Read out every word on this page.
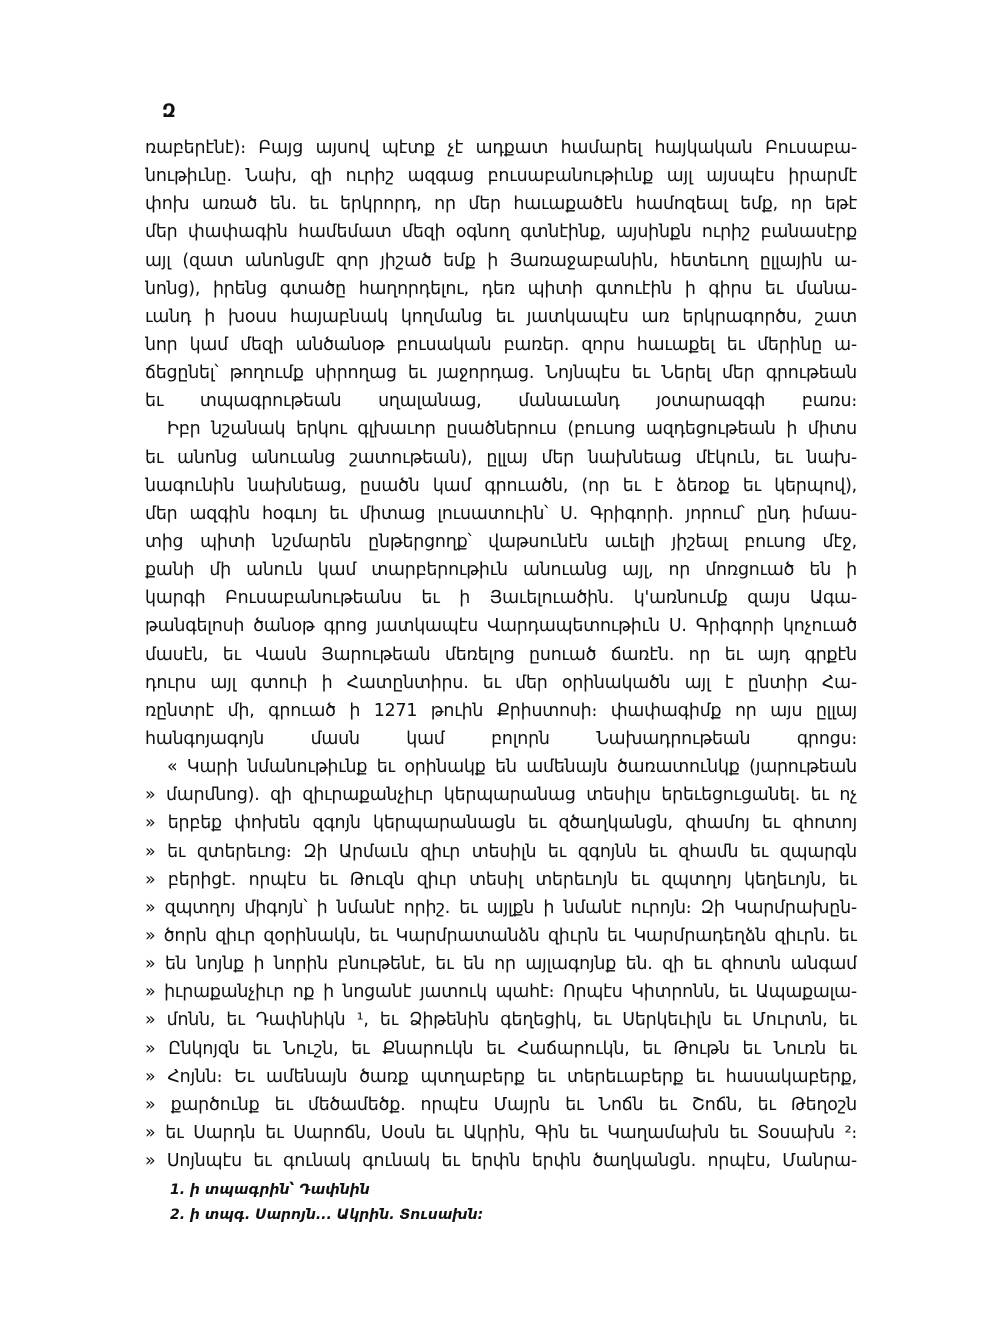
Զ
ռաբերէնէ)։ Բայց այսով պէտք չէ ադքատ համարել հայկական Բուսաբա-
նութիւնը. Նախ, զի ուրիշ ազգաց բուսաբանութիւնք այլ այսպէս իրարմէ
փոխ առած են. եւ երկրորդ, որ մեր հաւաքածէն համոզեալ եմք, որ եթէ
մեր փափագին համեմատ մեզի օգնող գտնէինք, այսինքն ուրիշ բանասէրք
այլ (զատ անոնցմէ զոր յիշած եմք ի Յառաջաբանին, հետեւող ըլլային ա-
նոնց), իրենց գտածը հաղորդելու, դեռ պիտի գտուէին ի գիրս եւ մանա-
ւանդ ի խօսս հայաբնակ կողմանց եւ յատկապէս առ երկրագործս, շատ
նոր կամ մեզի անծանօթ բուսական բառեր. զորս հաւաքել եւ մերինը ա-
ճեցընել՝ թողումք սիրողաց եւ յաջորդաց. Նոյնպէս եւ Ներել մեր գրութեան
եւ տպագրութեան սղալանաց, մանաւանդ յօտարազգի բառս։
Իբր նշանակ երկու գլխաւոր ըսածներուս (բուսոց ազդեցութեան ի միտս
եւ անոնց անուանց շատութեան), ըլլայ մեր նախնեաց մէկուն, եւ նախ-
նագունին նախնեաց, ըսածն կամ գրուածն, (որ եւ է ձեռօք եւ կերպով),
մեր ազգին հօգւոյ եւ միտաց լուսատուին՝ Ս. Գրիգորի. յորում՝ ընդ իմաս-
տից պիտի նշմարեն ընթերցողք՝ վաթսունէն աւելի յիշեալ բուսոց մէջ,
քանի մի անուն կամ տարբերութիւն անուանց այլ, որ մոռցուած են ի
կարգի Բուսաբանութեանս եւ ի Յաւելուածին. կ'առնումք զայս Ագա-
թանգելոսի ծանօթ գրոց յատկապէս Վարդապետութիւն Ս. Գրիգորի կոչուած
մասէն, եւ Վասն Յարութեան մեռելոց ըսուած ճառէն. որ եւ այդ գրքէն
դուրս այլ գտուի ի Հատընտիրս. եւ մեր օրինակածն այլ է ընտիր Հա-
ռընտրէ մի, գրուած ի 1271 թուին Քրիստոսի։ փափագիմք որ այս ըլլայ
հանգոյագոյն մասն կամ բոլորն Նախադրութեան գրոցս։
« Կարի նմանութիւնք եւ օրինակք են ամենայն ծառատունկք (յարութեան
» մարմնոց). զի զիւրաքանչիւր կերպարանաց տեսիլս երեւեցուցանել. եւ ոչ
» երբեք փոխեն զգոյն կերպարանացն եւ զծաղկանցն, զհամոյ եւ զհոտոյ
» եւ զտերեւոց։ Զի Արմաւն զիւր տեսիլն եւ զգոյնն եւ զհամն եւ զպարգն
» բերիցէ. որպէս եւ Թուզն զիւր տեսիլ տերեւոյն եւ զպտղոյ կեղեւոյն, եւ
» զպտղոյ միգոյն՝ ի նմանէ որիշ. եւ այլքն ի նմանէ ուրոյն։ Զի Կարմրախըն-
» ծորն զիւր զօրինակն, եւ Կարմրատանձն զիւրն եւ Կարմրադեղձն զիւրն. եւ
» են նոյնք ի նորին բնութենէ, եւ են որ այլագոյնք են. զի եւ զհոտն անգամ
» իւրաքանչիւր ոք ի նոցանէ յատուկ պահէ։ Որպէս Կիտրոնն, եւ Ապաքալա-
» մոնն, եւ Դափնիկն ¹, եւ Ձիթենին գեղեցիկ, եւ Սերկեւիլն եւ Մուրտն, եւ
» Ընկոյզն եւ Նուշն, եւ Քնարուկն եւ Հաճարուկն, եւ Թութն եւ Նուռն եւ
» Հոյնն։ Եւ ամենայն ծառք պտղաբերք եւ տերեւաբերք եւ հասակաբերք,
» քարծունք եւ մեծամեծք. որպէս Մայրն եւ Նոճն եւ Շոճն, եւ Թեղօշն
» եւ Սարդն եւ Սարոճն, Սօսն եւ Ակրին, Գին եւ Կաղամախն եւ Տօսախն ²։
» Սոյնպէս եւ գունակ գունակ եւ երփն երփն ծաղկանցն. որպէս, Մանրա-
1. ի տպագրին՝ Դափնին
2. ի տպգ. Սարոյն... Ակրին. Տուսախն։
